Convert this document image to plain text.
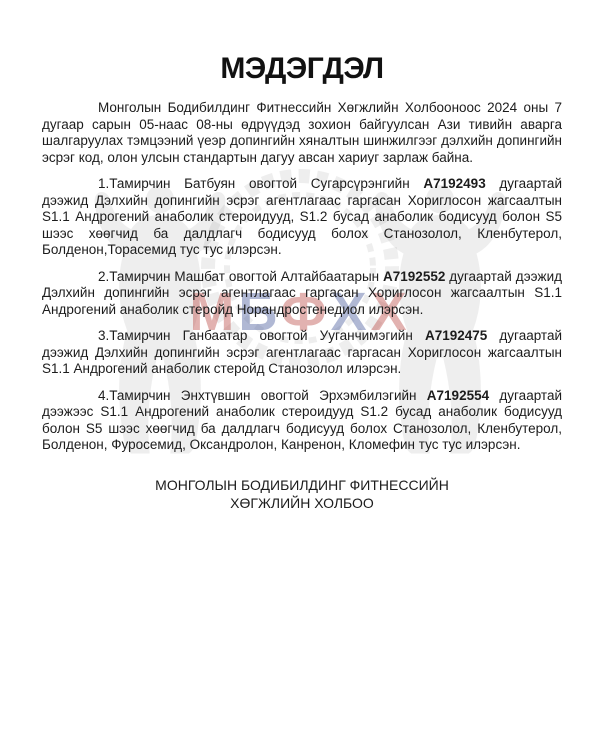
МБФХХ
МЭДЭГДЭЛ

Монголын Бодибилдинг Фитнессийн Хөгжлийн Холбооноос 2024 оны 7 дугаар сарын 05-наас 08-ны өдрүүдэд зохион байгуулсан Ази тивийн аварга шалгаруулах тэмцээний үеэр допингийн хяналтын шинжилгээг дэлхийн допингийн эсрэг код, олон улсын стандартын дагуу авсан хариуг зарлаж байна.

1.Тамирчин Батбуян овогтой Сугарсүрэнгийн А7192493 дугаартай дээжид Дэлхийн допингийн эсрэг агентлагаас гаргасан Хориглосон жагсаалтын S1.1 Андрогений анаболик стероидууд, S1.2 бусад анаболик бодисууд болон S5 шээс хөөгчид ба далдлагч бодисууд болох Станозолол, Кленбутерол, Болденон,Торасемид тус тус илэрсэн.

2.Тамирчин Машбат овогтой Алтайбаатарын А7192552 дугаартай дээжид Дэлхийн допингийн эсрэг агентлагаас гаргасан Хориглосон жагсаалтын S1.1 Андрогений анаболик стеройд Норандростенедиол илэрсэн.

3.Тамирчин Ганбаатар овогтой Ууганчимэгийн А7192475 дугаартай дээжид Дэлхийн допингийн эсрэг агентлагаас гаргасан Хориглосон жагсаалтын S1.1 Андрогений анаболик стеройд Станозолол илэрсэн.

4.Тамирчин Энхтүвшин овогтой Эрхэмбилэгийн А7192554 дугаартай дээжээс S1.1 Андрогений анаболик стероидууд S1.2 бусад анаболик бодисууд болон S5 шээс хөөгчид ба далдлагч бодисууд болох Станозолол, Кленбутерол, Болденон, Фуросемид, Оксандролон, Канренон, Кломефин тус тус илэрсэн.

МОНГОЛЫН БОДИБИЛДИНГ ФИТНЕССИЙН
ХӨГЖЛИЙН ХОЛБОО
